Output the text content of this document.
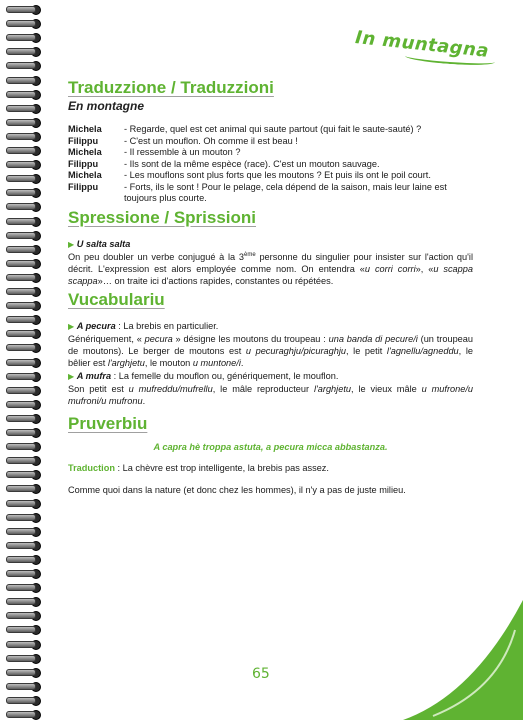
In muntagna
Traduzzione / Traduzzioni
En montagne
Michela	- Regarde, quel est cet animal qui saute partout (qui fait le saute-sauté) ?
Filippu	- C'est un mouflon. Oh comme il est beau !
Michela	- Il ressemble à un mouton ?
Filippu	- Ils sont de la même espèce (race). C'est un mouton sauvage.
Michela	- Les mouflons sont plus forts que les moutons ? Et puis ils ont le poil court.
Filippu	- Forts, ils le sont ! Pour le pelage, cela dépend de la saison, mais leur laine est toujours plus courte.
Spressione / Sprissioni

▶ U salta salta

On peu doubler un verbe conjugué à la 3ème personne du singulier pour insister sur l'action qu'il décrit. L'expression est alors employée comme nom. On entendra «u corri corri», «u scappa scappa»… on traite ici d'actions rapides, constantes ou répétées.

Vucabulariu

▶ A pecura : La brebis en particulier.

Génériquement, « pecura » désigne les moutons du troupeau : una banda di pecure/i (un troupeau de moutons). Le berger de moutons est u pecuraghju/picuraghju, le petit l'agnellu/agneddu, le bêlier est l'arghjetu, le mouton u muntone/i.

▶ A mufra : La femelle du mouflon ou, génériquement, le mouflon.

Son petit est u mufreddu/mufrellu, le mâle reproducteur l'arghjetu, le vieux mâle u mufrone/u mufroni/u mufronu.

Pruverbiu
A capra hè troppa astuta, a pecura micca abbastanza.

Traduction : La chèvre est trop intelligente, la brebis pas assez.

Comme quoi dans la nature (et donc chez les hommes), il n'y a pas de juste milieu.
65
